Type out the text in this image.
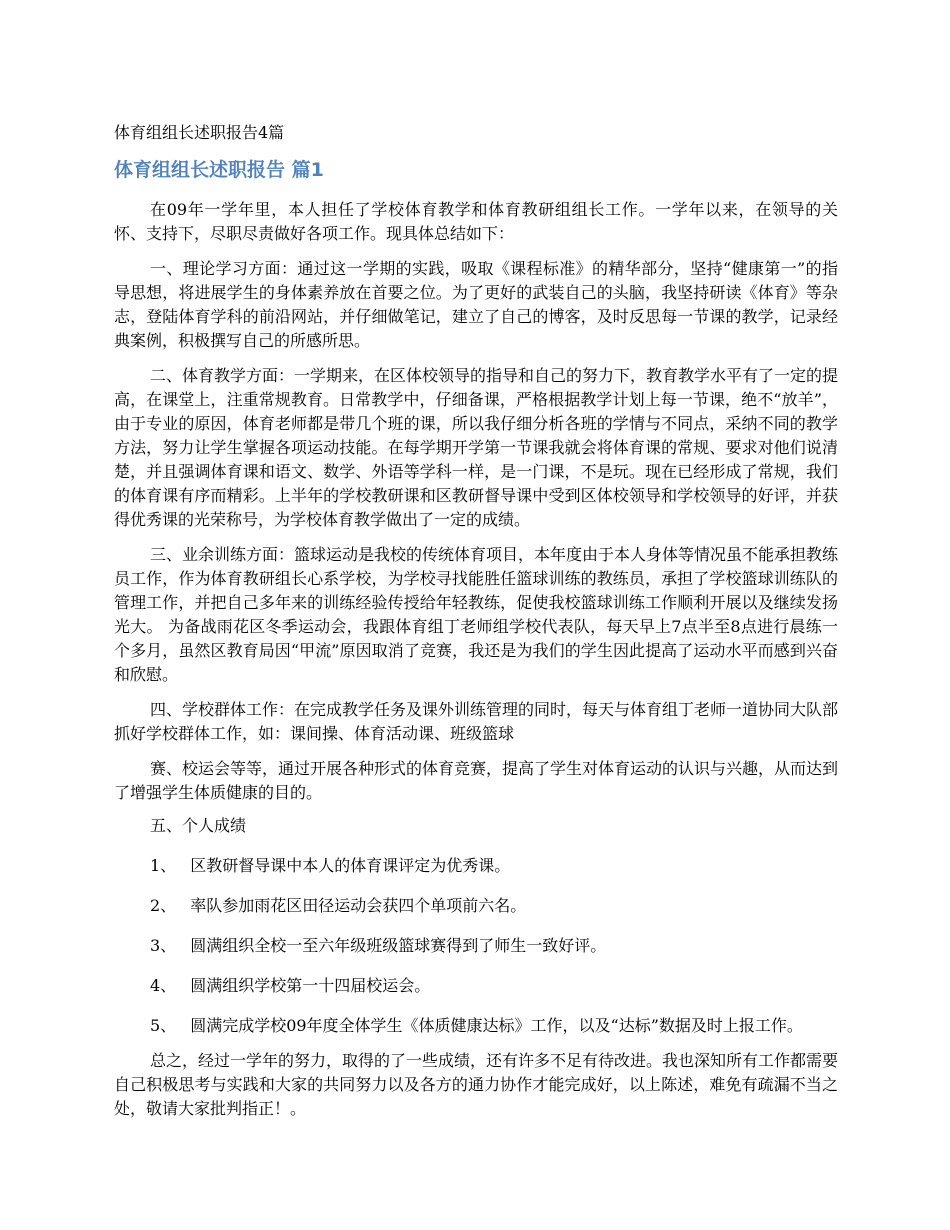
体育组组长述职报告4篇
体育组组长述职报告 篇1

在09年一学年里，本人担任了学校体育教学和体育教研组组长工作。一学年以来，在领导的关怀、支持下，尽职尽责做好各项工作。现具体总结如下：

一、理论学习方面：通过这一学期的实践，吸取《课程标准》的精华部分，坚持“健康第一”的指导思想，将进展学生的身体素养放在首要之位。为了更好的武装自己的头脑，我坚持研读《体育》等杂志，登陆体育学科的前沿网站，并仔细做笔记，建立了自己的博客，及时反思每一节课的教学，记录经典案例，积极撰写自己的所感所思。

二、体育教学方面：一学期来，在区体校领导的指导和自己的努力下，教育教学水平有了一定的提高，在课堂上，注重常规教育。日常教学中，仔细备课，严格根据教学计划上每一节课，绝不“放羊”，由于专业的原因，体育老师都是带几个班的课，所以我仔细分析各班的学情与不同点，采纳不同的教学方法，努力让学生掌握各项运动技能。在每学期开学第一节课我就会将体育课的常规、要求对他们说清楚，并且强调体育课和语文、数学、外语等学科一样，是一门课，不是玩。现在已经形成了常规，我们的体育课有序而精彩。上半年的学校教研课和区教研督导课中受到区体校领导和学校领导的好评，并获得优秀课的光荣称号，为学校体育教学做出了一定的成绩。

三、业余训练方面：篮球运动是我校的传统体育项目，本年度由于本人身体等情况虽不能承担教练员工作，作为体育教研组长心系学校，为学校寻找能胜任篮球训练的教练员，承担了学校篮球训练队的管理工作，并把自己多年来的训练经验传授给年轻教练，促使我校篮球训练工作顺利开展以及继续发扬光大。 为备战雨花区冬季运动会，我跟体育组丁老师组学校代表队，每天早上7点半至8点进行晨练一个多月，虽然区教育局因“甲流”原因取消了竞赛，我还是为我们的学生因此提高了运动水平而感到兴奋和欣慰。

四、学校群体工作：在完成教学任务及课外训练管理的同时，每天与体育组丁老师一道协同大队部抓好学校群体工作，如：课间操、体育活动课、班级篮球

赛、校运会等等，通过开展各种形式的体育竞赛，提高了学生对体育运动的认识与兴趣，从而达到了增强学生体质健康的目的。

五、个人成绩

1、 区教研督导课中本人的体育课评定为优秀课。

2、 率队参加雨花区田径运动会获四个单项前六名。

3、 圆满组织全校一至六年级班级篮球赛得到了师生一致好评。

4、 圆满组织学校第一十四届校运会。

5、 圆满完成学校09年度全体学生《体质健康达标》工作，以及“达标”数据及时上报工作。

总之，经过一学年的努力，取得的了一些成绩，还有许多不足有待改进。我也深知所有工作都需要自己积极思考与实践和大家的共同努力以及各方的通力协作才能完成好，以上陈述，难免有疏漏不当之处，敬请大家批判指正！。
